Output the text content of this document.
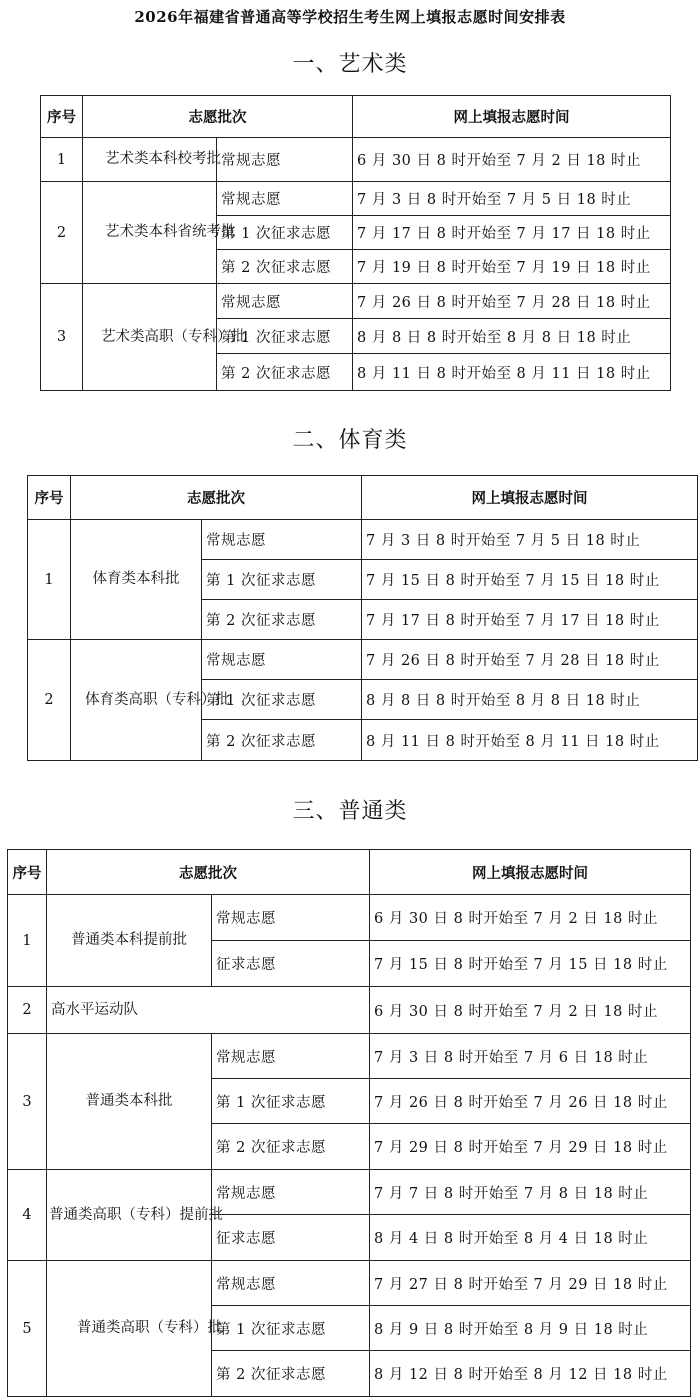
2026年福建省普通高等学校招生考生网上填报志愿时间安排表
一、艺术类
序号	志愿批次		网上填报志愿时间
1	艺术类本科校考批	常规志愿	6 月 30 日 8 时开始至 7 月 2 日 18 时止
2	艺术类本科省统考批	常规志愿	7 月 3 日 8 时开始至 7 月 5 日 18 时止
		第 1 次征求志愿	7 月 17 日 8 时开始至 7 月 17 日 18 时止
		第 2 次征求志愿	7 月 19 日 8 时开始至 7 月 19 日 18 时止
3	艺术类高职（专科）批	常规志愿	7 月 26 日 8 时开始至 7 月 28 日 18 时止
		第 1 次征求志愿	8 月 8 日 8 时开始至 8 月 8 日 18 时止
		第 2 次征求志愿	8 月 11 日 8 时开始至 8 月 11 日 18 时止
二、体育类
序号	志愿批次		网上填报志愿时间
1	体育类本科批	常规志愿	7 月 3 日 8 时开始至 7 月 5 日 18 时止
		第 1 次征求志愿	7 月 15 日 8 时开始至 7 月 15 日 18 时止
		第 2 次征求志愿	7 月 17 日 8 时开始至 7 月 17 日 18 时止
2	体育类高职（专科）批	常规志愿	7 月 26 日 8 时开始至 7 月 28 日 18 时止
		第 1 次征求志愿	8 月 8 日 8 时开始至 8 月 8 日 18 时止
		第 2 次征求志愿	8 月 11 日 8 时开始至 8 月 11 日 18 时止
三、普通类
序号	志愿批次		网上填报志愿时间
1	普通类本科提前批	常规志愿	6 月 30 日 8 时开始至 7 月 2 日 18 时止
		征求志愿	7 月 15 日 8 时开始至 7 月 15 日 18 时止
2	高水平运动队		6 月 30 日 8 时开始至 7 月 2 日 18 时止
3	普通类本科批	常规志愿	7 月 3 日 8 时开始至 7 月 6 日 18 时止
		第 1 次征求志愿	7 月 26 日 8 时开始至 7 月 26 日 18 时止
		第 2 次征求志愿	7 月 29 日 8 时开始至 7 月 29 日 18 时止
4	普通类高职（专科）提前批	常规志愿	7 月 7 日 8 时开始至 7 月 8 日 18 时止
		征求志愿	8 月 4 日 8 时开始至 8 月 4 日 18 时止
5	普通类高职（专科）批	常规志愿	7 月 27 日 8 时开始至 7 月 29 日 18 时止
		第 1 次征求志愿	8 月 9 日 8 时开始至 8 月 9 日 18 时止
		第 2 次征求志愿	8 月 12 日 8 时开始至 8 月 12 日 18 时止
